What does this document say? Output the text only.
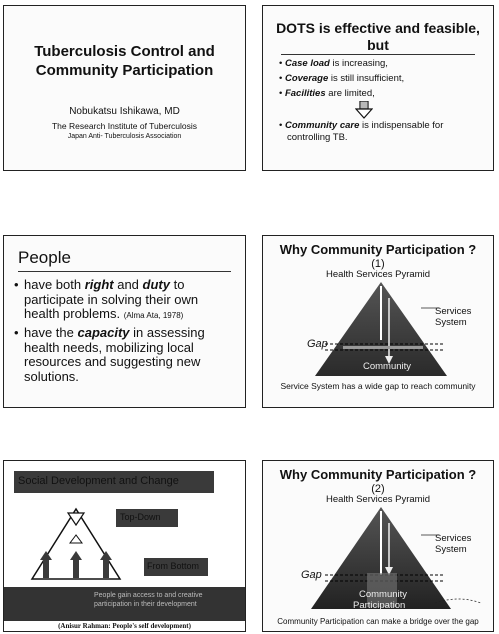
Tuberculosis Control and
Community Participation
Nobukatsu Ishikawa, MD
The Research Institute of Tuberculosis
Japan Anti- Tuberculosis Association
DOTS is effective and feasible,
but
• Case load is increasing,
• Coverage is still insufficient,
• Facilities are limited,
• Community care is indispensable for
controlling TB.
People
• have both right and duty to
participate in solving their own
health problems. (Alma Ata, 1978)
• have the capacity in assessing
health needs, mobilizing local
resources and suggesting new
solutions.
Why Community Participation ?
(1)
Health Services Pyramid
Services System
Gap
Community
Service System has a wide gap to reach community
Social Development and Change
Top-Down
From Bottom
People gain access to and creative
participation in their development
(Anisur Rahman: People's self development)
Why Community Participation ?
(2)
Health Services Pyramid
Services System
Gap
Community
Participation
Community Participation can make a bridge over the gap
